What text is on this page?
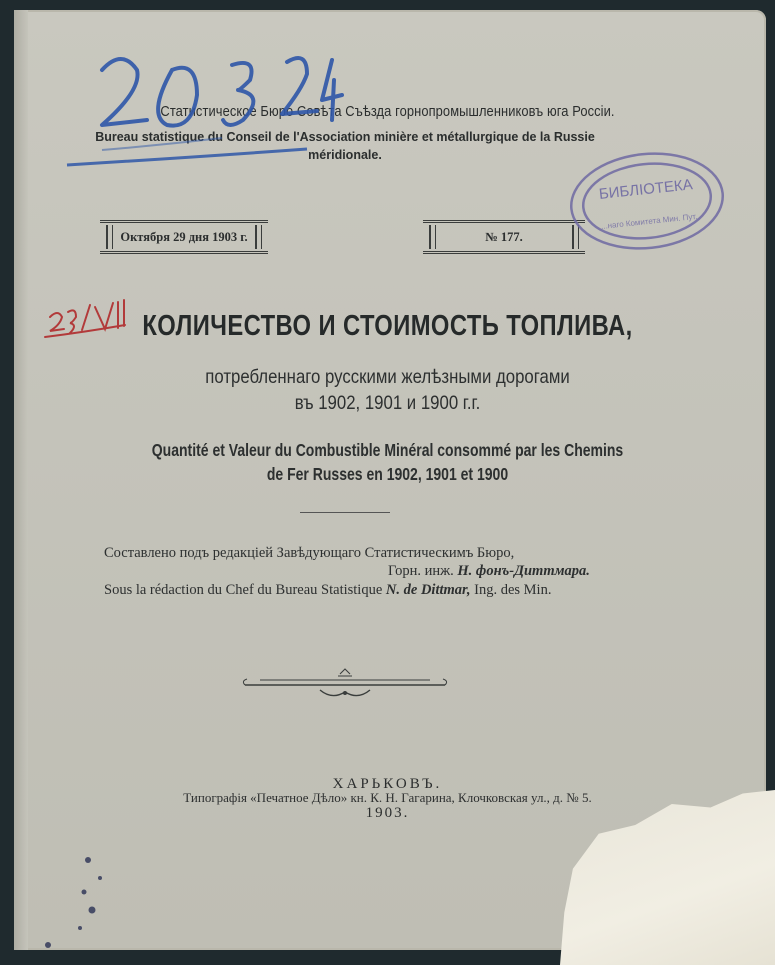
Статистическое Бюро Совѣта Съѣзда горнопромышленниковъ юга Россіи.
Bureau statistique du Conseil de l'Association minière et métallurgique de la Russie méridionale.
Октября 29 дня 1903 г.	№ 177.
КОЛИЧЕСТВО И СТОИМОСТЬ ТОПЛИВА,
потребленнаго русскими желѣзными дорогами
въ 1902, 1901 и 1900 г.г.
Quantité et Valeur du Combustible Minéral consommé par les Chemins
de Fer Russes en 1902, 1901 et 1900
Составлено подъ редакціей Завѣдующаго Статистическимъ Бюро,
Горн. инж. Н. фонъ-Диттмара.
Sous la rédaction du Chef du Bureau Statistique N. de Dittmar, Ing. des Min.
ХАРЬКОВЪ.
Типографія «Печатное Дѣло» кн. К. Н. Гагарина, Клочковская ул., д. № 5.
1903.
БИБЛІОТЕКА
...наго Комитета Мин. Пут.
